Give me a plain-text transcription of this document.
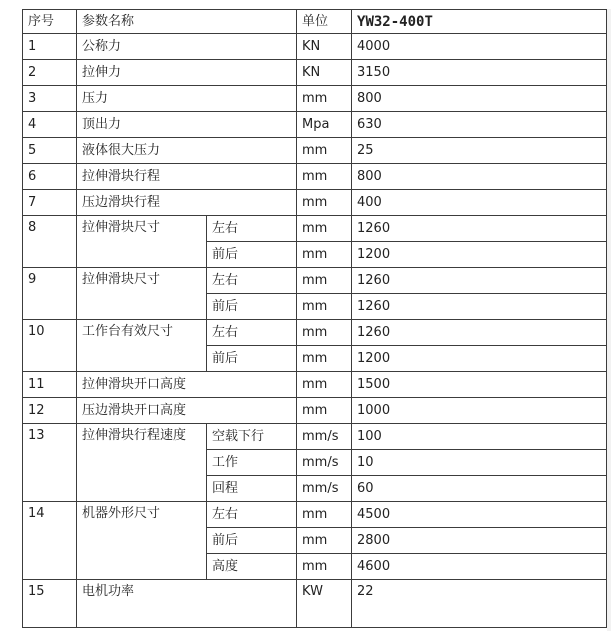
序号	参数名称		单位	YW32-400T
1	公称力		KN	4000
2	拉伸力		KN	3150
3	压力		mm	800
4	顶出力		Mpa	630
5	液体很大压力		mm	25
6	拉伸滑块行程		mm	800
7	压边滑块行程		mm	400
8	拉伸滑块尺寸	左右	mm	1260
		前后	mm	1200
9	拉伸滑块尺寸	左右	mm	1260
		前后	mm	1260
10	工作台有效尺寸	左右	mm	1260
		前后	mm	1200
11	拉伸滑块开口高度		mm	1500
12	压边滑块开口高度		mm	1000
13	拉伸滑块行程速度	空载下行	mm/s	100
		工作	mm/s	10
		回程	mm/s	60
14	机器外形尺寸	左右	mm	4500
		前后	mm	2800
		高度	mm	4600
15	电机功率		KW	22
